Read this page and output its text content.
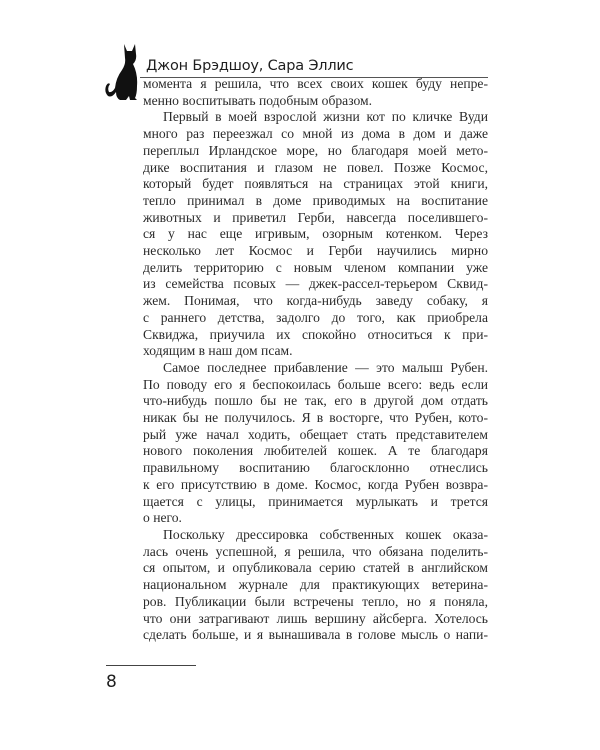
Джон Брэдшоу, Сара Эллис
момента я решила, что всех своих кошек буду непре-
менно воспитывать подобным образом.
Первый в моей взрослой жизни кот по кличке Вуди
много раз переезжал со мной из дома в дом и даже
переплыл Ирландское море, но благодаря моей мето-
дике воспитания и глазом не повел. Позже Космос,
который будет появляться на страницах этой книги,
тепло принимал в доме приводимых на воспитание
животных и приветил Герби, навсегда поселившего-
ся у нас еще игривым, озорным котенком. Через
несколько лет Космос и Герби научились мирно
делить территорию с новым членом компании уже
из семейства псовых — джек-рассел-терьером Сквид-
жем. Понимая, что когда-нибудь заведу собаку, я
с раннего детства, задолго до того, как приобрела
Сквиджа, приучила их спокойно относиться к при-
ходящим в наш дом псам.
Самое последнее прибавление — это малыш Рубен.
По поводу его я беспокоилась больше всего: ведь если
что-нибудь пошло бы не так, его в другой дом отдать
никак бы не получилось. Я в восторге, что Рубен, кото-
рый уже начал ходить, обещает стать представителем
нового поколения любителей кошек. А те благодаря
правильному воспитанию благосклонно отнеслись
к его присутствию в доме. Космос, когда Рубен возвра-
щается с улицы, принимается мурлыкать и трется
о него.
Поскольку дрессировка собственных кошек оказа-
лась очень успешной, я решила, что обязана поделить-
ся опытом, и опубликовала серию статей в английском
национальном журнале для практикующих ветерина-
ров. Публикации были встречены тепло, но я поняла,
что они затрагивают лишь вершину айсберга. Хотелось
сделать больше, и я вынашивала в голове мысль о напи-
8
